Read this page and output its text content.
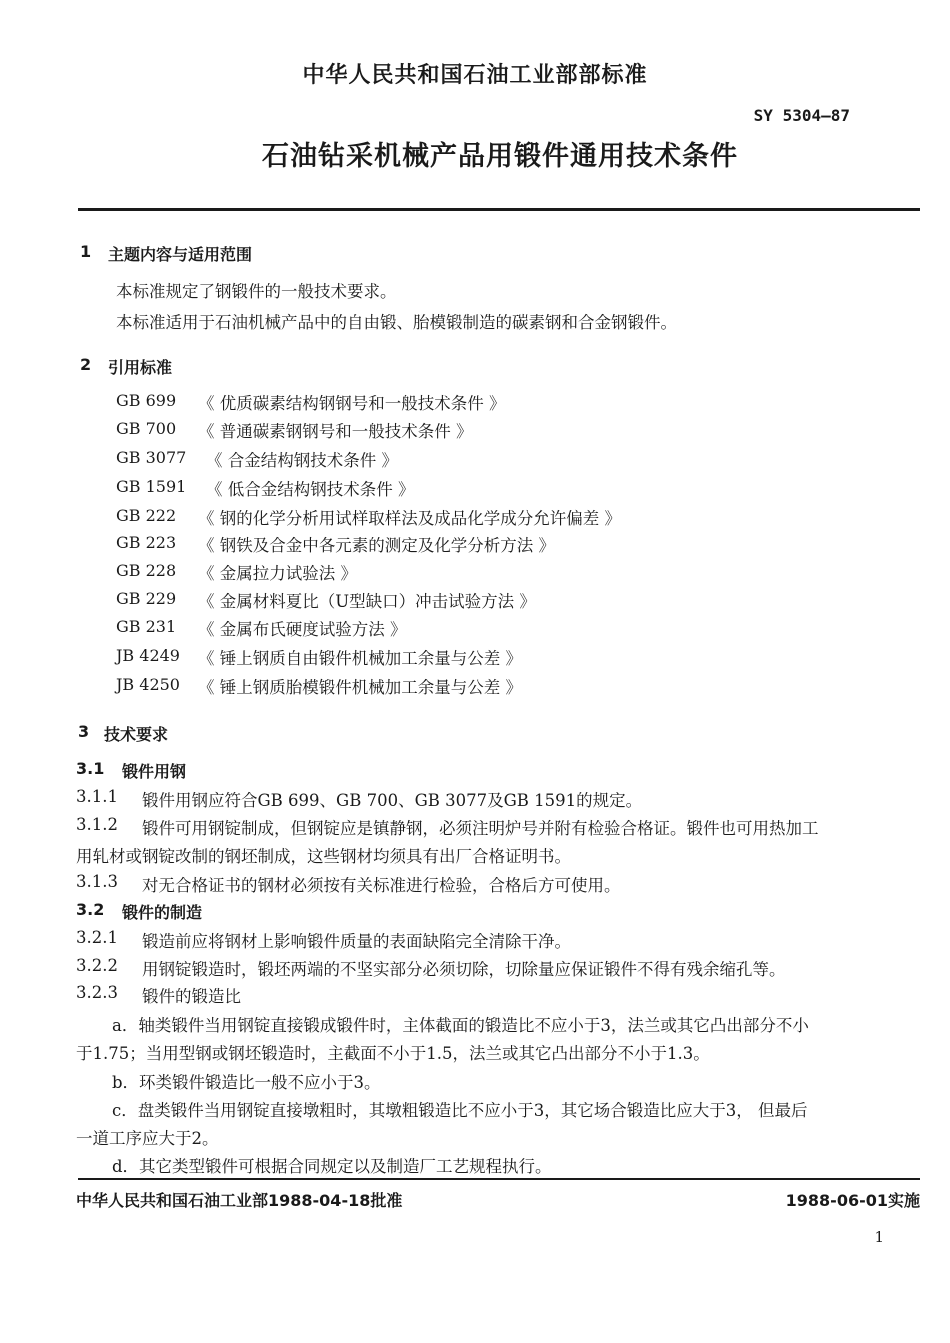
中华人民共和国石油工业部部标准
SY 5304—87
石油钻采机械产品用锻件通用技术条件
1 主题内容与适用范围
本标准规定了钢锻件的一般技术要求。
本标准适用于石油机械产品中的自由锻、胎模锻制造的碳素钢和合金钢锻件。
2 引用标准
GB 699 《 优质碳素结构钢钢号和一般技术条件 》
GB 700 《 普通碳素钢钢号和一般技术条件 》
GB 3077 《 合金结构钢技术条件 》
GB 1591 《 低合金结构钢技术条件 》
GB 222 《 钢的化学分析用试样取样法及成品化学成分允许偏差 》
GB 223 《 钢铁及合金中各元素的测定及化学分析方法 》
GB 228 《 金属拉力试验法 》
GB 229 《 金属材料夏比（U型缺口）冲击试验方法 》
GB 231 《 金属布氏硬度试验方法 》
JB 4249 《 锤上钢质自由锻件机械加工余量与公差 》
JB 4250 《 锤上钢质胎模锻件机械加工余量与公差 》
3 技术要求
3.1 锻件用钢
3.1.1 锻件用钢应符合GB 699、GB 700、GB 3077及GB 1591的规定。
3.1.2 锻件可用钢锭制成，但钢锭应是镇静钢，必须注明炉号并附有检验合格证。锻件也可用热加工
用轧材或钢锭改制的钢坯制成，这些钢材均须具有出厂合格证明书。
3.1.3 对无合格证书的钢材必须按有关标准进行检验，合格后方可使用。
3.2 锻件的制造
3.2.1 锻造前应将钢材上影响锻件质量的表面缺陷完全清除干净。
3.2.2 用钢锭锻造时，锻坯两端的不坚实部分必须切除，切除量应保证锻件不得有残余缩孔等。
3.2.3 锻件的锻造比
a．轴类锻件当用钢锭直接锻成锻件时，主体截面的锻造比不应小于3，法兰或其它凸出部分不小
于1.75；当用型钢或钢坯锻造时，主截面不小于1.5，法兰或其它凸出部分不小于1.3。
b．环类锻件锻造比一般不应小于3。
c．盘类锻件当用钢锭直接墩粗时，其墩粗锻造比不应小于3，其它场合锻造比应大于3， 但最后
一道工序应大于2。
d．其它类型锻件可根据合同规定以及制造厂工艺规程执行。
中华人民共和国石油工业部1988-04-18批准	1988-06-01实施
1
